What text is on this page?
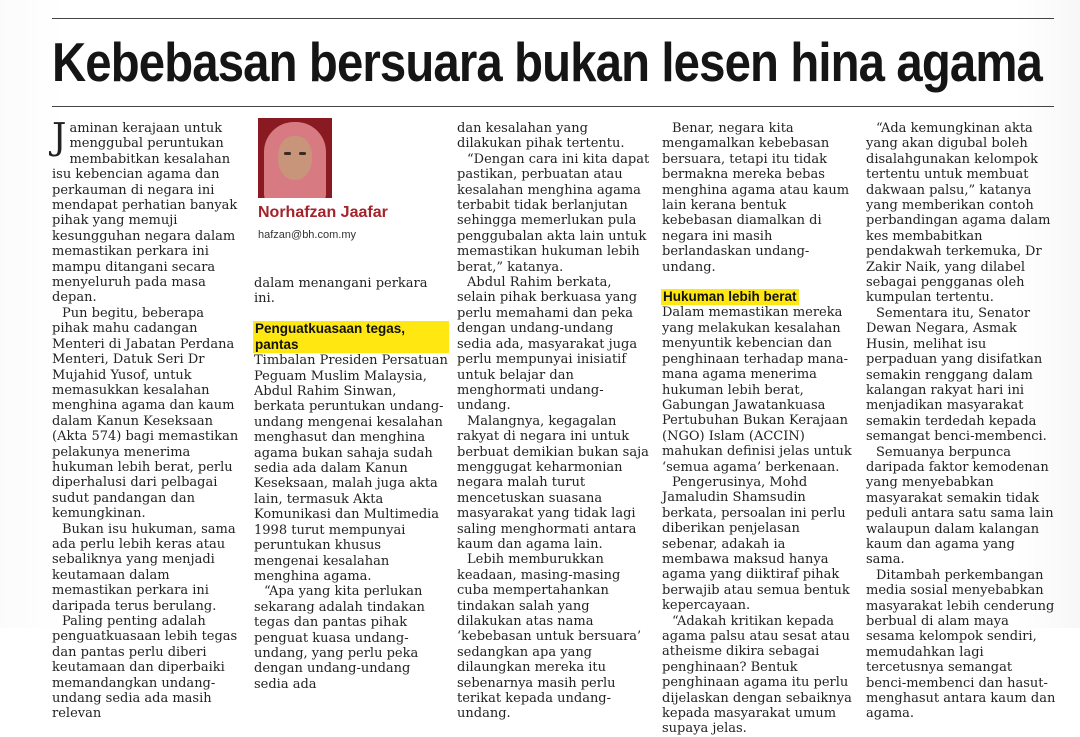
Kebebasan bersuara bukan lesen hina agama

Jaminan kerajaan untuk menggubal peruntukan membabitkan kesalahan isu kebencian agama dan perkauman di negara ini mendapat perhatian banyak pihak yang memuji kesungguhan negara dalam memastikan perkara ini mampu ditangani secara menyeluruh pada masa depan.

Pun begitu, beberapa pihak mahu cadangan Menteri di Jabatan Perdana Menteri, Datuk Seri Dr Mujahid Yusof, untuk memasukkan kesalahan menghina agama dan kaum dalam Kanun Keseksaan (Akta 574) bagi memastikan pelakunya menerima hukuman lebih berat, perlu diperhalusi dari pelbagai sudut pandangan dan kemungkinan.

Bukan isu hukuman, sama ada perlu lebih keras atau sebaliknya yang menjadi keutamaan dalam memastikan perkara ini daripada terus berulang.

Paling penting adalah penguatkuasaan lebih tegas dan pantas perlu diberi keutamaan dan diperbaiki memandangkan undang-undang sedia ada masih relevan

Norhafzan Jaafar
hafzan@bh.com.my

dalam menangani perkara ini.

Penguatkuasaan tegas, pantas

Timbalan Presiden Persatuan Peguam Muslim Malaysia, Abdul Rahim Sinwan, berkata peruntukan undang-undang mengenai kesalahan menghasut dan menghina agama bukan sahaja sudah sedia ada dalam Kanun Keseksaan, malah juga akta lain, termasuk Akta Komunikasi dan Multimedia 1998 turut mempunyai peruntukan khusus mengenai kesalahan menghina agama.

“Apa yang kita perlukan sekarang adalah tindakan tegas dan pantas pihak penguat kuasa undang-undang, yang perlu peka dengan undang-undang sedia ada

dan kesalahan yang dilakukan pihak tertentu.

“Dengan cara ini kita dapat pastikan, perbuatan atau kesalahan menghina agama terbabit tidak berlanjutan sehingga memerlukan pula penggubalan akta lain untuk memastikan hukuman lebih berat,” katanya.

Abdul Rahim berkata, selain pihak berkuasa yang perlu memahami dan peka dengan undang-undang sedia ada, masyarakat juga perlu mempunyai inisiatif untuk belajar dan menghormati undang-undang.

Malangnya, kegagalan rakyat di negara ini untuk berbuat demikian bukan saja menggugat keharmonian negara malah turut mencetuskan suasana masyarakat yang tidak lagi saling menghormati antara kaum dan agama lain.

Lebih memburukkan keadaan, masing-masing cuba mempertahankan tindakan salah yang dilakukan atas nama ‘kebebasan untuk bersuara’ sedangkan apa yang dilaungkan mereka itu sebenarnya masih perlu terikat kepada undang-undang.

Benar, negara kita mengamalkan kebebasan bersuara, tetapi itu tidak bermakna mereka bebas menghina agama atau kaum lain kerana bentuk kebebasan diamalkan di negara ini masih berlandaskan undang-undang.

Hukuman lebih berat

Dalam memastikan mereka yang melakukan kesalahan menyuntik kebencian dan penghinaan terhadap mana-mana agama menerima hukuman lebih berat, Gabungan Jawatankuasa Pertubuhan Bukan Kerajaan (NGO) Islam (ACCIN) mahukan definisi jelas untuk ‘semua agama’ berkenaan.

Pengerusinya, Mohd Jamaludin Shamsudin berkata, persoalan ini perlu diberikan penjelasan sebenar, adakah ia membawa maksud hanya agama yang diiktiraf pihak berwajib atau semua bentuk kepercayaan.

“Adakah kritikan kepada agama palsu atau sesat atau atheisme dikira sebagai penghinaan? Bentuk penghinaan agama itu perlu dijelaskan dengan sebaiknya kepada masyarakat umum supaya jelas.

“Ada kemungkinan akta yang akan digubal boleh disalahgunakan kelompok tertentu untuk membuat dakwaan palsu,” katanya yang memberikan contoh perbandingan agama dalam kes membabitkan pendakwah terkemuka, Dr Zakir Naik, yang dilabel sebagai pengganas oleh kumpulan tertentu.

Sementara itu, Senator Dewan Negara, Asmak Husin, melihat isu perpaduan yang disifatkan semakin renggang dalam kalangan rakyat hari ini menjadikan masyarakat semakin terdedah kepada semangat benci-membenci.

Semuanya berpunca daripada faktor kemodenan yang menyebabkan masyarakat semakin tidak peduli antara satu sama lain walaupun dalam kalangan kaum dan agama yang sama.

Ditambah perkembangan media sosial menyebabkan masyarakat lebih cenderung berbual di alam maya sesama kelompok sendiri, memudahkan lagi tercetusnya semangat benci-membenci dan hasut-menghasut antara kaum dan agama.
